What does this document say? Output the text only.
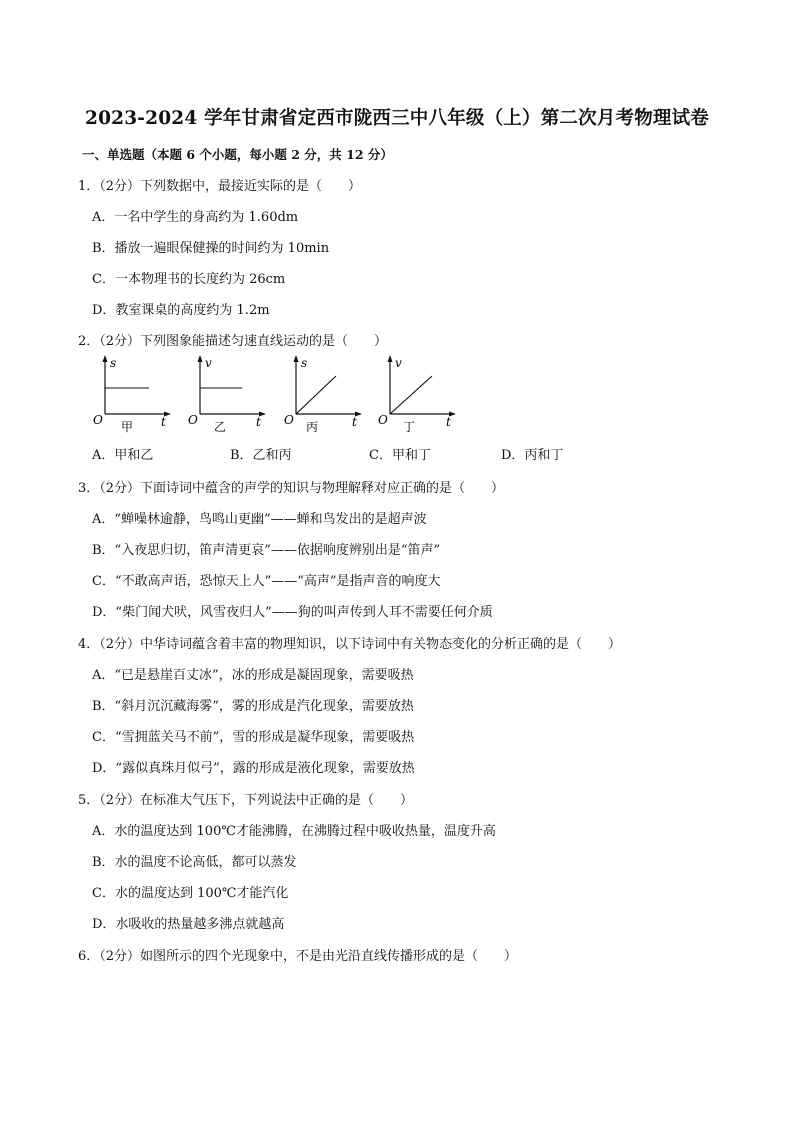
2023-2024 学年甘肃省定西市陇西三中八年级（上）第二次月考物理试卷
一、单选题（本题 6 个小题，每小题 2 分，共 12 分）
1．（2分）下列数据中，最接近实际的是（　　）
A．一名中学生的身高约为 1.60dm
B．播放一遍眼保健操的时间约为 10min
C．一本物理书的长度约为 26cm
D．教室课桌的高度约为 1.2m
2．（2分）下列图象能描述匀速直线运动的是（　　）
s
t
O 甲
v
t
O 乙
s
t
O 丙
v
t
O 丁
A．甲和乙	B．乙和丙	C．甲和丁	D．丙和丁
3．（2分）下面诗词中蕴含的声学的知识与物理解释对应正确的是（　　）
A．“蝉噪林逾静，鸟鸣山更幽”——蝉和鸟发出的是超声波
B．“入夜思归切，笛声清更哀”——依据响度辨别出是“笛声”
C．“不敢高声语，恐惊天上人”——“高声”是指声音的响度大
D．“柴门闻犬吠，风雪夜归人”——狗的叫声传到人耳不需要任何介质
4．（2分）中华诗词蕴含着丰富的物理知识，以下诗词中有关物态变化的分析正确的是（　　）
A．“已是悬崖百丈冰”，冰的形成是凝固现象，需要吸热
B．“斜月沉沉藏海雾”，雾的形成是汽化现象，需要放热
C．“雪拥蓝关马不前”，雪的形成是凝华现象，需要吸热
D．“露似真珠月似弓”，露的形成是液化现象，需要放热
5．（2分）在标准大气压下，下列说法中正确的是（　　）
A．水的温度达到 100℃才能沸腾，在沸腾过程中吸收热量，温度升高
B．水的温度不论高低，都可以蒸发
C．水的温度达到 100℃才能汽化
D．水吸收的热量越多沸点就越高
6．（2分）如图所示的四个光现象中，不是由光沿直线传播形成的是（　　）
